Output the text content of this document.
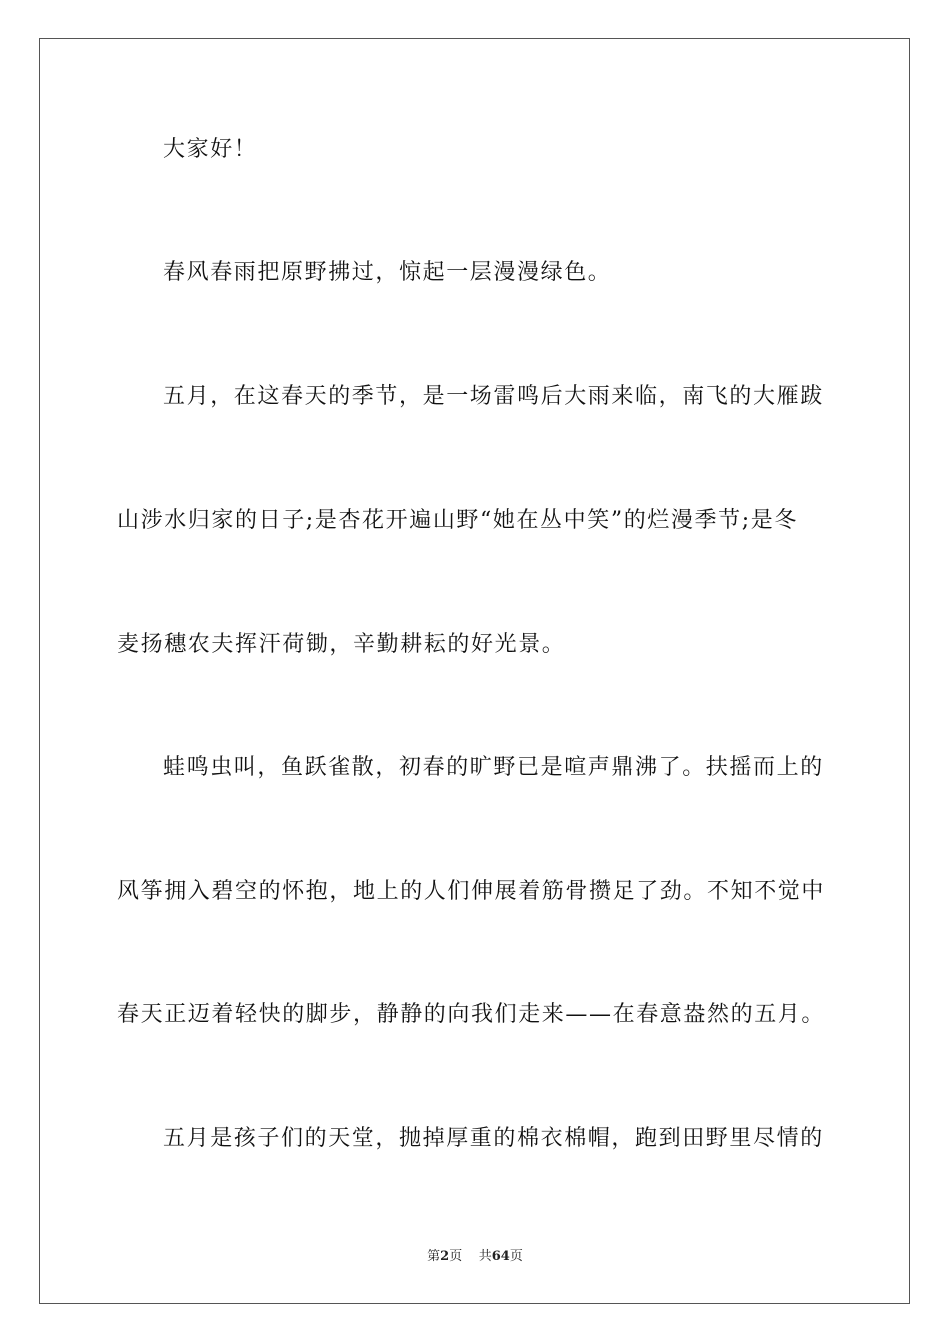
大家好！
春风春雨把原野拂过，惊起一层漫漫绿色。
五月，在这春天的季节，是一场雷鸣后大雨来临，南飞的大雁跋
山涉水归家的日子;是杏花开遍山野“她在丛中笑”的烂漫季节;是冬
麦扬穗农夫挥汗荷锄，辛勤耕耘的好光景。
蛙鸣虫叫，鱼跃雀散，初春的旷野已是喧声鼎沸了。扶摇而上的
风筝拥入碧空的怀抱，地上的人们伸展着筋骨攒足了劲。不知不觉中
春天正迈着轻快的脚步，静静的向我们走来——在春意盎然的五月。
五月是孩子们的天堂，抛掉厚重的棉衣棉帽，跑到田野里尽情的
第2页 共64页
